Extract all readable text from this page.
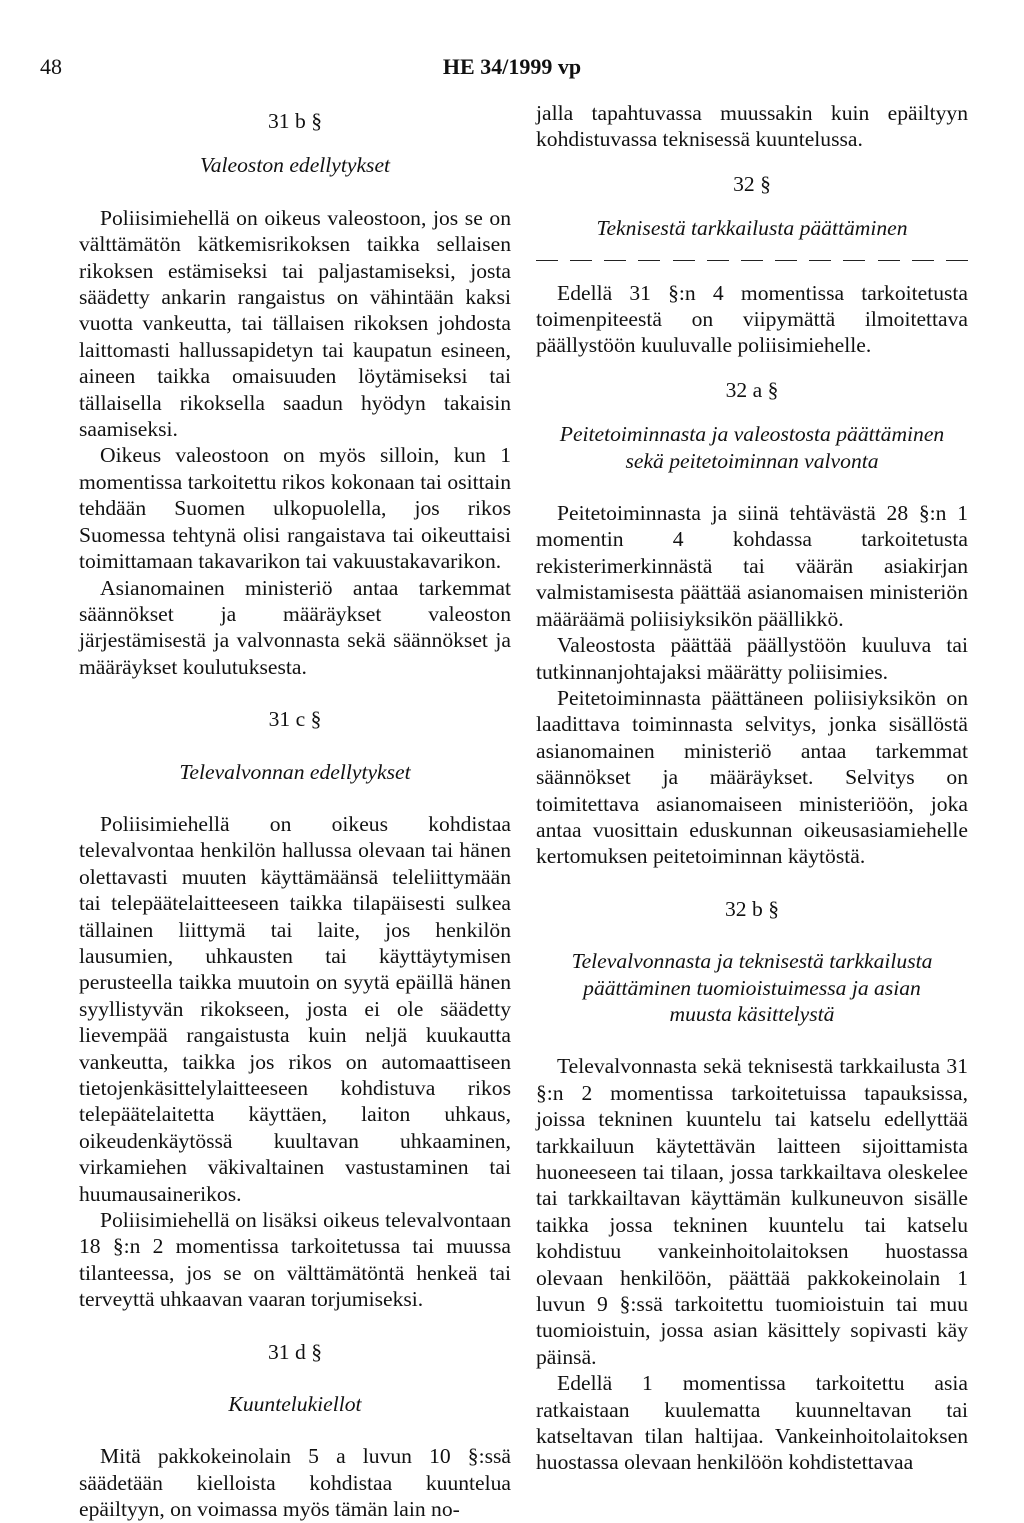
48	HE 34/1999 vp

31 b §

Valeoston edellytykset

Poliisimiehellä on oikeus valeostoon, jos se on välttämätön kätkemisrikoksen taikka sellaisen rikoksen estämiseksi tai paljastamiseksi, josta säädetty ankarin rangaistus on vähintään kaksi vuotta vankeutta, tai tällaisen rikoksen johdosta laittomasti hallussapidetyn tai kaupatun esineen, aineen taikka omaisuuden löytämiseksi tai tällaisella rikoksella saadun hyödyn takaisin saamiseksi.

Oikeus valeostoon on myös silloin, kun 1 momentissa tarkoitettu rikos kokonaan tai osittain tehdään Suomen ulkopuolella, jos rikos Suomessa tehtynä olisi rangaistava tai oikeuttaisi toimittamaan takavarikon tai vakuustakavarikon.

Asianomainen ministeriö antaa tarkemmat säännökset ja määräykset valeoston järjestämisestä ja valvonnasta sekä säännökset ja määräykset koulutuksesta.

31 c §

Televalvonnan edellytykset

Poliisimiehellä on oikeus kohdistaa televalvontaa henkilön hallussa olevaan tai hänen olettavasti muuten käyttämäänsä teleliittymään tai telepäätelaitteeseen taikka tilapäisesti sulkea tällainen liittymä tai laite, jos henkilön lausumien, uhkausten tai käyttäytymisen perusteella taikka muutoin on syytä epäillä hänen syyllistyvän rikokseen, josta ei ole säädetty lievempää rangaistusta kuin neljä kuukautta vankeutta, taikka jos rikos on automaattiseen tietojenkäsittelylaitteeseen kohdistuva rikos telepäätelaitetta käyttäen, laiton uhkaus, oikeudenkäytössä kuultavan uhkaaminen, virkamiehen väkivaltainen vastustaminen tai huumausainerikos.

Poliisimiehellä on lisäksi oikeus televalvontaan 18 §:n 2 momentissa tarkoitetussa tai muussa tilanteessa, jos se on välttämätöntä henkeä tai terveyttä uhkaavan vaaran torjumiseksi.

31 d §

Kuuntelukiellot

Mitä pakkokeinolain 5 a luvun 10 §:ssä säädetään kielloista kohdistaa kuuntelua epäiltyyn, on voimassa myös tämän lain no-

jalla tapahtuvassa muussakin kuin epäiltyyn kohdistuvassa teknisessä kuuntelussa.

32 §

Teknisestä tarkkailusta päättäminen

Edellä 31 §:n 4 momentissa tarkoitetusta toimenpiteestä on viipymättä ilmoitettava päällystöön kuuluvalle poliisimiehelle.

32 a §

Peitetoiminnasta ja valeostosta päättäminen

sekä peitetoiminnan valvonta

Peitetoiminnasta ja siinä tehtävästä 28 §:n 1 momentin 4 kohdassa tarkoitetusta rekisterimerkinnästä tai väärän asiakirjan valmistamisesta päättää asianomaisen ministeriön määräämä poliisiyksikön päällikkö.

Valeostosta päättää päällystöön kuuluva tai tutkinnanjohtajaksi määrätty poliisimies.

Peitetoiminnasta päättäneen poliisiyksikön on laadittava toiminnasta selvitys, jonka sisällöstä asianomainen ministeriö antaa tarkemmat säännökset ja määräykset. Selvitys on toimitettava asianomaiseen ministeriöön, joka antaa vuosittain eduskunnan oikeusasiamiehelle kertomuksen peitetoiminnan käytöstä.

32 b §

Televalvonnasta ja teknisestä tarkkailusta

päättäminen tuomioistuimessa ja asian

muusta käsittelystä

Televalvonnasta sekä teknisestä tarkkailusta 31 §:n 2 momentissa tarkoitetuissa tapauksissa, joissa tekninen kuuntelu tai katselu edellyttää tarkkailuun käytettävän laitteen sijoittamista huoneeseen tai tilaan, jossa tarkkailtava oleskelee tai tarkkailtavan käyttämän kulkuneuvon sisälle taikka jossa tekninen kuuntelu tai katselu kohdistuu vankeinhoitolaitoksen huostassa olevaan henkilöön, päättää pakkokeinolain 1 luvun 9 §:ssä tarkoitettu tuomioistuin tai muu tuomioistuin, jossa asian käsittely sopivasti käy päinsä.

Edellä 1 momentissa tarkoitettu asia ratkaistaan kuulematta kuunneltavan tai katseltavan tilan haltijaa. Vankeinhoitolaitoksen huostassa olevaan henkilöön kohdistettavaa
